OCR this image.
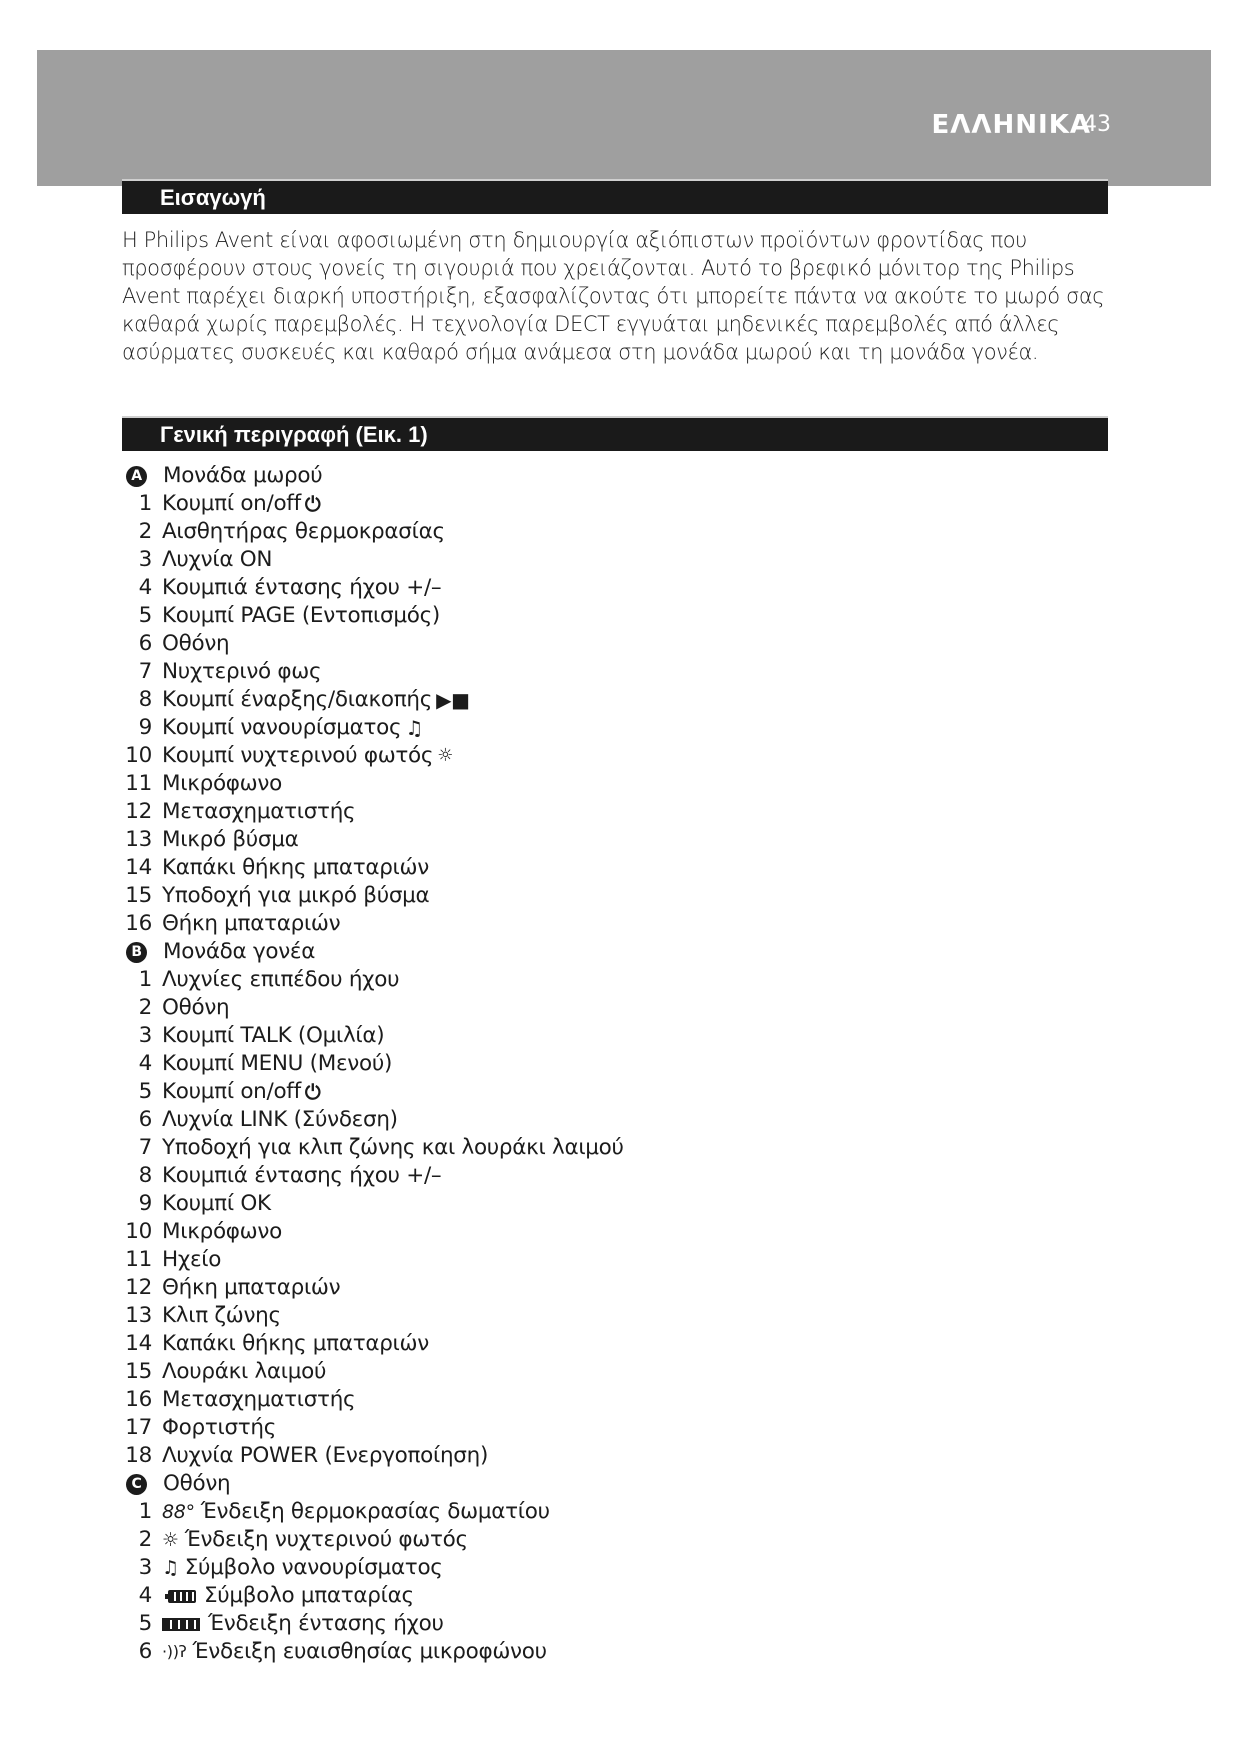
ΕΛΛΗΝΙΚΑ
43
Εισαγωγή

Η Philips Avent είναι αφοσιωμένη στη δημιουργία αξιόπιστων προϊόντων φροντίδας που προσφέρουν στους γονείς τη σιγουριά που χρειάζονται. Αυτό το βρεφικό μόνιτορ της Philips Avent παρέχει διαρκή υποστήριξη, εξασφαλίζοντας ότι μπορείτε πάντα να ακούτε το μωρό σας καθαρά χωρίς παρεμβολές. Η τεχνολογία DECT εγγυάται μηδενικές παρεμβολές από άλλες ασύρματες συσκευές και καθαρό σήμα ανάμεσα στη μονάδα μωρού και τη μονάδα γονέα.

Γενική περιγραφή (Εικ. 1)
A Μονάδα μωρού
1 Κουμπί on/off ⏻
2 Αισθητήρας θερμοκρασίας
3 Λυχνία ON
4 Κουμπιά έντασης ήχου +/–
5 Κουμπί PAGE (Εντοπισμός)
6 Οθόνη
7 Νυχτερινό φως
8 Κουμπί έναρξης/διακοπής ▶■
9 Κουμπί νανουρίσματος ♫
10 Κουμπί νυχτερινού φωτός ☼
11 Μικρόφωνο
12 Μετασχηματιστής
13 Μικρό βύσμα
14 Καπάκι θήκης μπαταριών
15 Υποδοχή για μικρό βύσμα
16 Θήκη μπαταριών
B Μονάδα γονέα
1 Λυχνίες επιπέδου ήχου
2 Οθόνη
3 Κουμπί TALK (Ομιλία)
4 Κουμπί MENU (Μενού)
5 Κουμπί on/off ⏻
6 Λυχνία LINK (Σύνδεση)
7 Υποδοχή για κλιπ ζώνης και λουράκι λαιμού
8 Κουμπιά έντασης ήχου +/–
9 Κουμπί OK
10 Μικρόφωνο
11 Ηχείο
12 Θήκη μπαταριών
13 Κλιπ ζώνης
14 Καπάκι θήκης μπαταριών
15 Λουράκι λαιμού
16 Μετασχηματιστής
17 Φορτιστής
18 Λυχνία POWER (Ενεργοποίηση)
C Οθόνη
1 88° Ένδειξη θερμοκρασίας δωματίου
2 ☼ Ένδειξη νυχτερινού φωτός
3 ♫ Σύμβολο νανουρίσματος
4	Σύμβολο μπαταρίας
5	Ένδειξη έντασης ήχου
6 ·))ʔ Ένδειξη ευαισθησίας μικροφώνου
